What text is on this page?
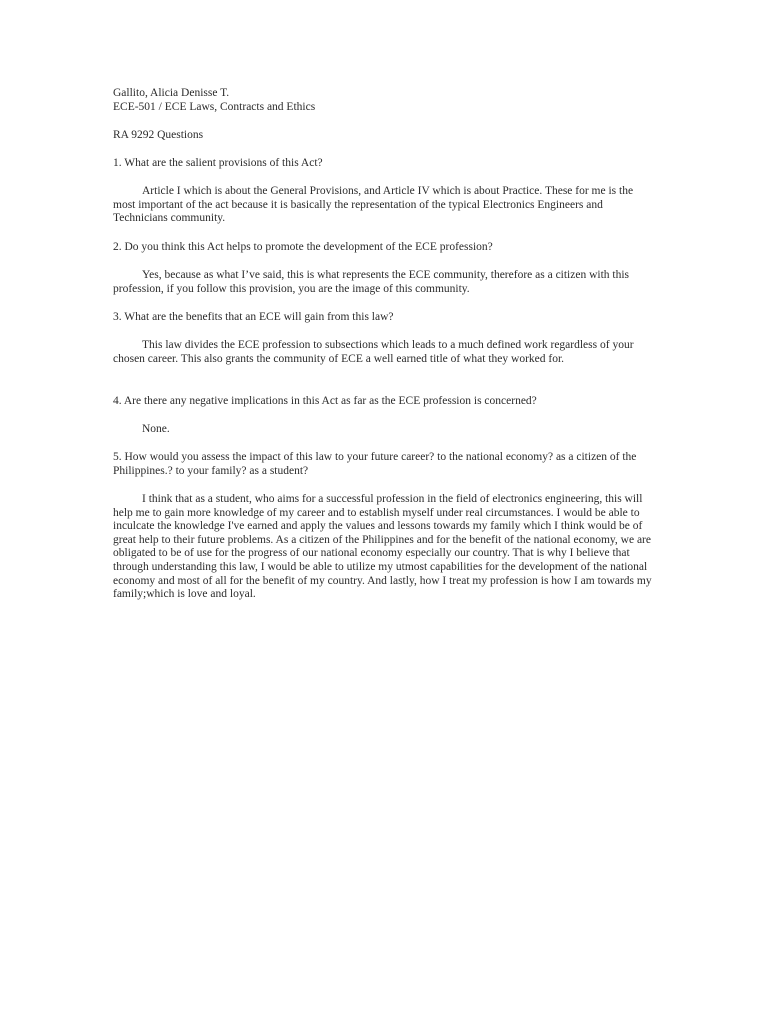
Gallito, Alicia Denisse T.
ECE-501 / ECE Laws, Contracts and Ethics
RA 9292 Questions
1. What are the salient provisions of this Act?
Article I which is about the General Provisions, and Article IV which is about Practice. These for me is the most important of the act because it is basically the representation of the typical Electronics Engineers and Technicians community.
2. Do you think this Act helps to promote the development of the ECE profession?
Yes, because as what I’ve said, this is what represents the ECE community, therefore as a citizen with this profession, if you follow this provision, you are the image of this community.
3. What are the benefits that an ECE will gain from this law?
This law divides the ECE profession to subsections which leads to a much defined work regardless of your chosen career. This also grants the community of ECE a well earned title of what they worked for.
4. Are there any negative implications in this Act as far as the ECE profession is concerned?
None.
5. How would you assess the impact of this law to your future career? to the national economy? as a citizen of the Philippines.? to your family? as a student?
I think that as a student, who aims for a successful profession in the field of electronics engineering, this will help me to gain more knowledge of my career and to establish myself under real circumstances. I would be able to inculcate the knowledge I've earned and apply the values and lessons towards my family which I think would be of great help to their future problems. As a citizen of the Philippines and for the benefit of the national economy, we are obligated to be of use for the progress of our national economy especially our country. That is why I believe that through understanding this law, I would be able to utilize my utmost capabilities for the development of the national economy and most of all for the benefit of my country. And lastly, how I treat my profession is how I am towards my family;which is love and loyal.
